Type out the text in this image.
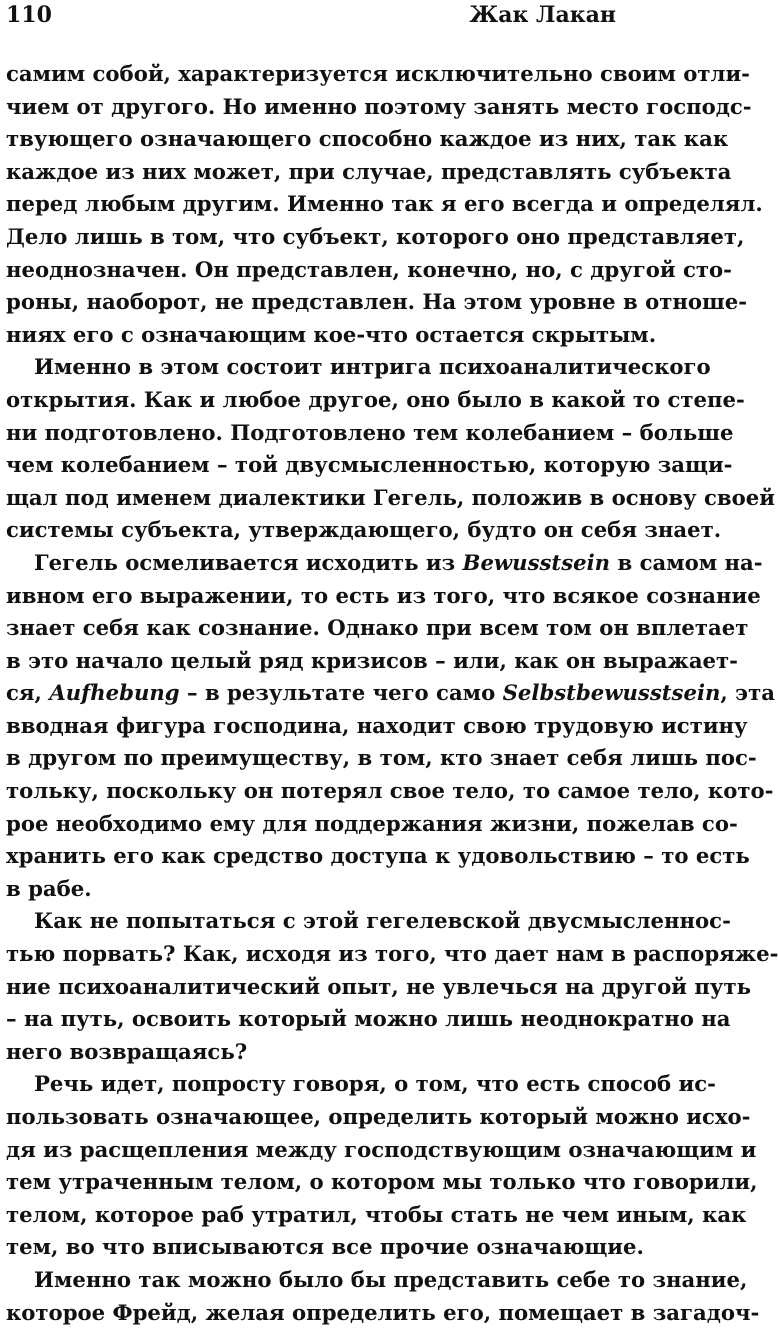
110	Жак Лакан
самим собой, характеризуется исключительно своим отли-
чием от другого. Но именно поэтому занять место господс-
твующего означающего способно каждое из них, так как
каждое из них может, при случае, представлять субъекта
перед любым другим. Именно так я его всегда и определял.
Дело лишь в том, что субъект, которого оно представляет,
неоднозначен. Он представлен, конечно, но, с другой сто-
роны, наоборот, не представлен. На этом уровне в отноше-
ниях его с означающим кое-что остается скрытым.
Именно в этом состоит интрига психоаналитического
открытия. Как и любое другое, оно было в какой то степе-
ни подготовлено. Подготовлено тем колебанием – больше
чем колебанием – той двусмысленностью, которую защи-
щал под именем диалектики Гегель, положив в основу своей
системы субъекта, утверждающего, будто он себя знает.
Гегель осмеливается исходить из Bewusstsein в самом на-
ивном его выражении, то есть из того, что всякое сознание
знает себя как сознание. Однако при всем том он вплетает
в это начало целый ряд кризисов – или, как он выражает-
ся, Aufhebung – в результате чего само Selbstbewusstsein, эта
вводная фигура господина, находит свою трудовую истину
в другом по преимуществу, в том, кто знает себя лишь пос-
тольку, поскольку он потерял свое тело, то самое тело, кото-
рое необходимо ему для поддержания жизни, пожелав со-
хранить его как средство доступа к удовольствию – то есть
в рабе.
Как не попытаться с этой гегелевской двусмысленнос-
тью порвать? Как, исходя из того, что дает нам в распоряже-
ние психоаналитический опыт, не увлечься на другой путь
– на путь, освоить который можно лишь неоднократно на
него возвращаясь?
Речь идет, попросту говоря, о том, что есть способ ис-
пользовать означающее, определить который можно исхо-
дя из расщепления между господствующим означающим и
тем утраченным телом, о котором мы только что говорили,
телом, которое раб утратил, чтобы стать не чем иным, как
тем, во что вписываются все прочие означающие.
Именно так можно было бы представить себе то знание,
которое Фрейд, желая определить его, помещает в загадоч-
